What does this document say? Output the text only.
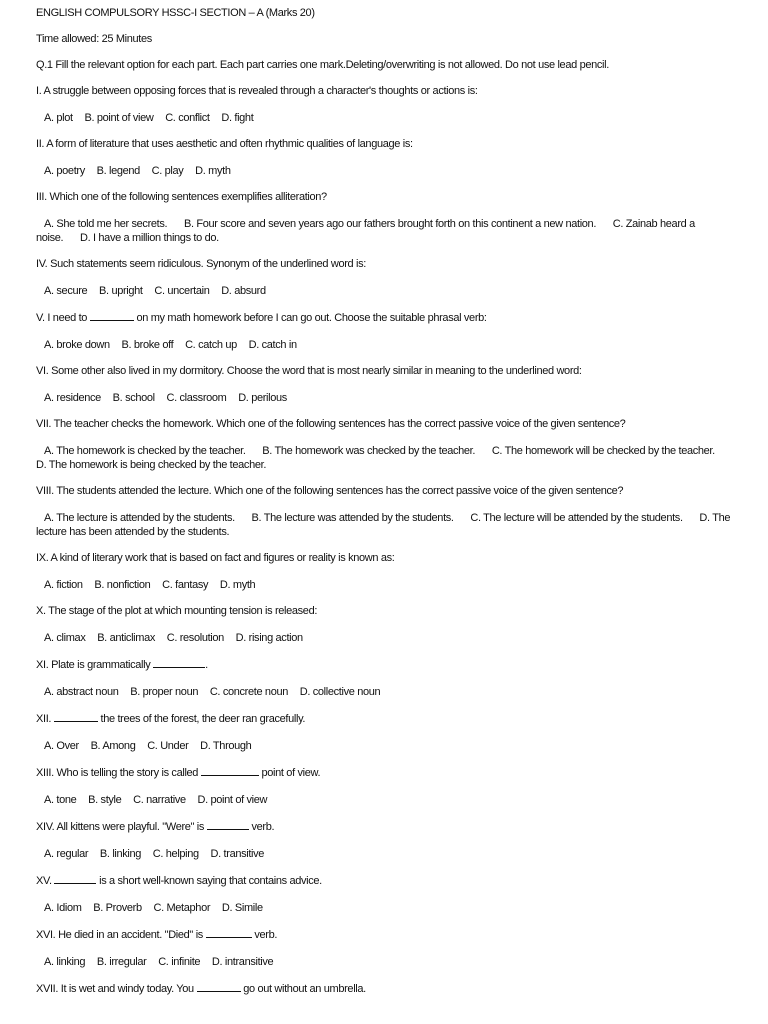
ENGLISH COMPULSORY HSSC-I SECTION – A (Marks 20)

Time allowed: 25 Minutes

Q.1 Fill the relevant option for each part. Each part carries one mark.Deleting/overwriting is not allowed. Do not use lead pencil.

I. A struggle between opposing forces that is revealed through a character's thoughts or actions is:

A. plot B. point of view C. conflict D. fight

II. A form of literature that uses aesthetic and often rhythmic qualities of language is:

A. poetry B. legend C. play D. myth

III. Which one of the following sentences exemplifies alliteration?

A. She told me her secrets. B. Four score and seven years ago our fathers brought forth on this continent a new nation. C. Zainab heard a noise. D. I have a million things to do.

IV. Such statements seem ridiculous. Synonym of the underlined word is:

A. secure B. upright C. uncertain D. absurd

V. I need to	on my math homework before I can go out. Choose the suitable phrasal verb:

A. broke down B. broke off C. catch up D. catch in

VI. Some other also lived in my dormitory. Choose the word that is most nearly similar in meaning to the underlined word:

A. residence B. school C. classroom D. perilous

VII. The teacher checks the homework. Which one of the following sentences has the correct passive voice of the given sentence?

A. The homework is checked by the teacher. B. The homework was checked by the teacher. C. The homework will be checked by the teacher. D. The homework is being checked by the teacher.

VIII. The students attended the lecture. Which one of the following sentences has the correct passive voice of the given sentence?

A. The lecture is attended by the students. B. The lecture was attended by the students. C. The lecture will be attended by the students. D. The lecture has been attended by the students.

IX. A kind of literary work that is based on fact and figures or reality is known as:

A. fiction B. nonfiction C. fantasy D. myth

X. The stage of the plot at which mounting tension is released:

A. climax B. anticlimax C. resolution D. rising action

XI. Plate is grammatically	.

A. abstract noun B. proper noun C. concrete noun D. collective noun

XII.	the trees of the forest, the deer ran gracefully.

A. Over B. Among C. Under D. Through

XIII. Who is telling the story is called	point of view.

A. tone B. style C. narrative D. point of view

XIV. All kittens were playful. "Were" is	verb.

A. regular B. linking C. helping D. transitive

XV.	is a short well-known saying that contains advice.

A. Idiom B. Proverb C. Metaphor D. Simile

XVI. He died in an accident. "Died" is	verb.

A. linking B. irregular C. infinite D. intransitive

XVII. It is wet and windy today. You	go out without an umbrella.
